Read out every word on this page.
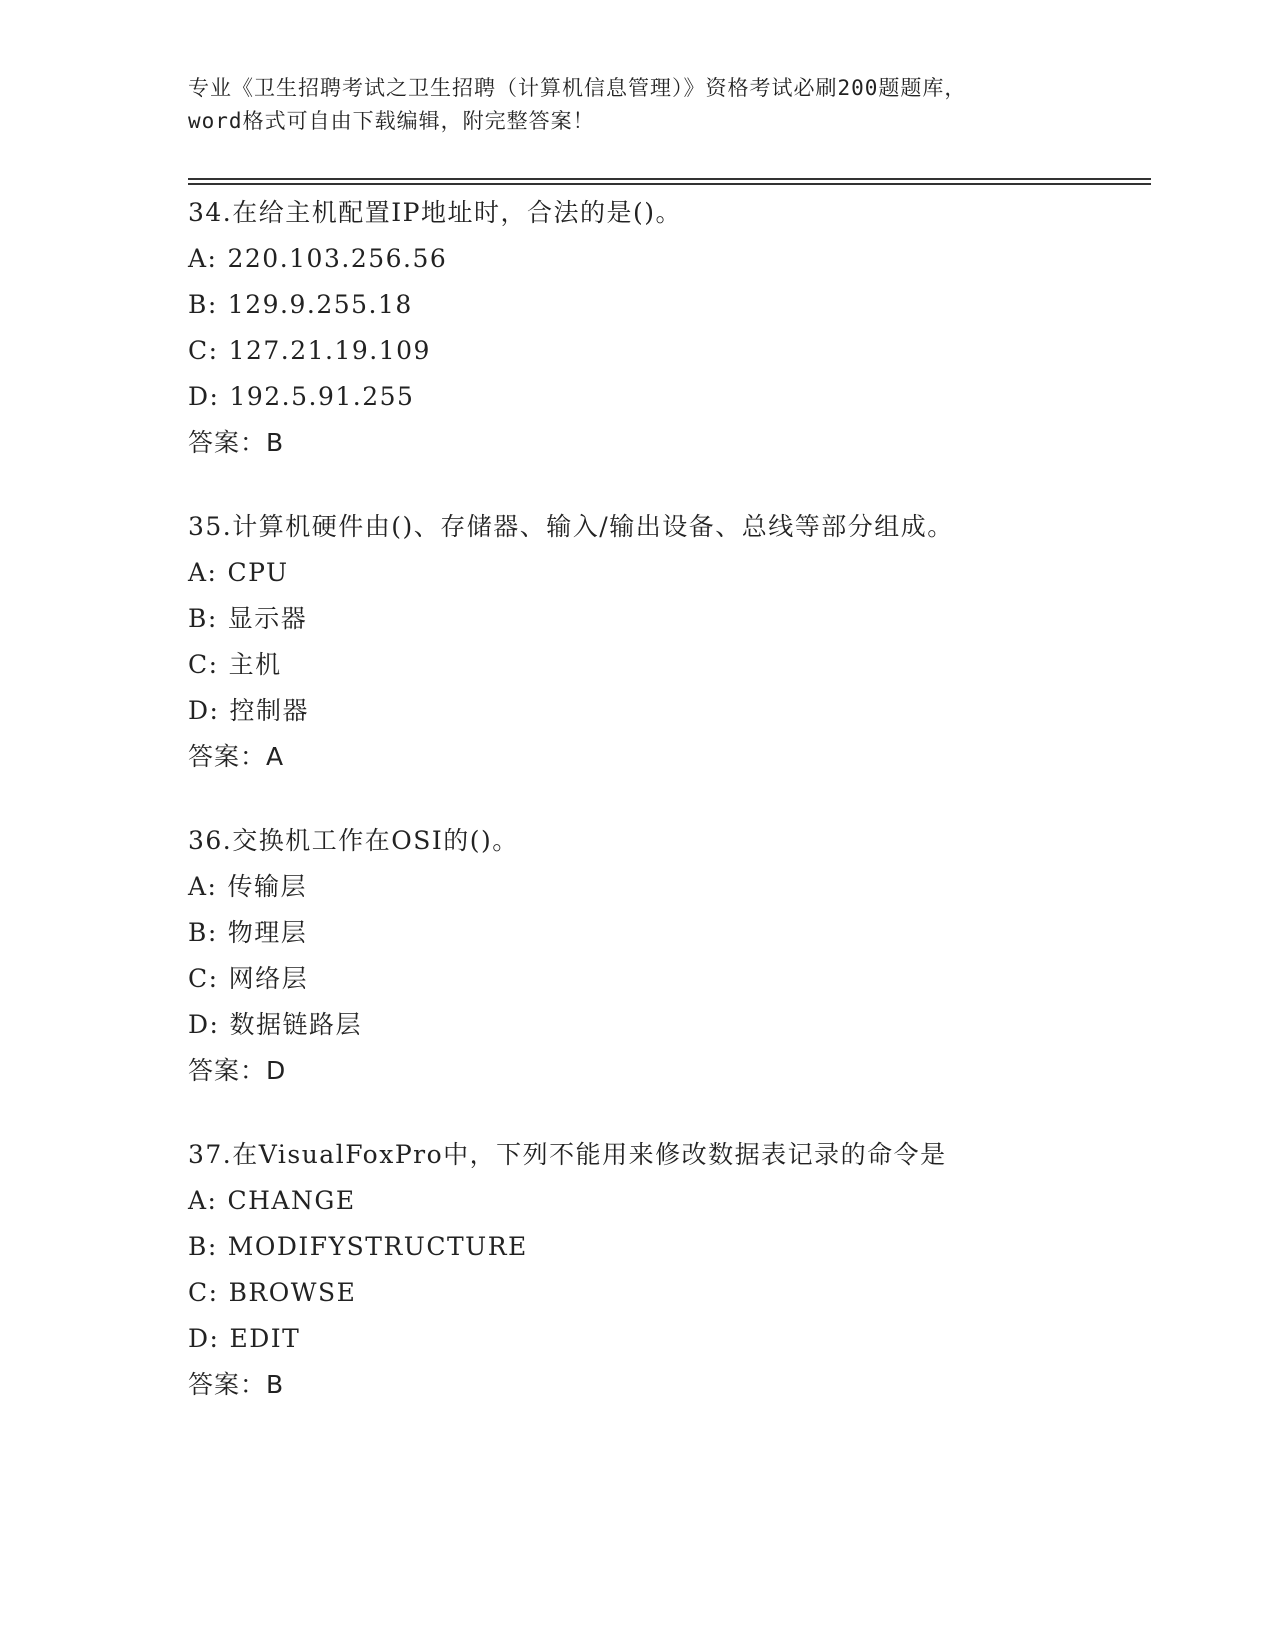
专业《卫生招聘考试之卫生招聘（计算机信息管理）》资格考试必刷200题题库，
word格式可自由下载编辑，附完整答案！
34.在给主机配置IP地址时，合法的是()。
A: 220.103.256.56
B: 129.9.255.18
C: 127.21.19.109
D: 192.5.91.255
答案：B
35.计算机硬件由()、存储器、输入/输出设备、总线等部分组成。
A: CPU
B: 显示器
C: 主机
D: 控制器
答案：A
36.交换机工作在OSI的()。
A: 传输层
B: 物理层
C: 网络层
D: 数据链路层
答案：D
37.在VisualFoxPro中，下列不能用来修改数据表记录的命令是
A: CHANGE
B: MODIFYSTRUCTURE
C: BROWSE
D: EDIT
答案：B
